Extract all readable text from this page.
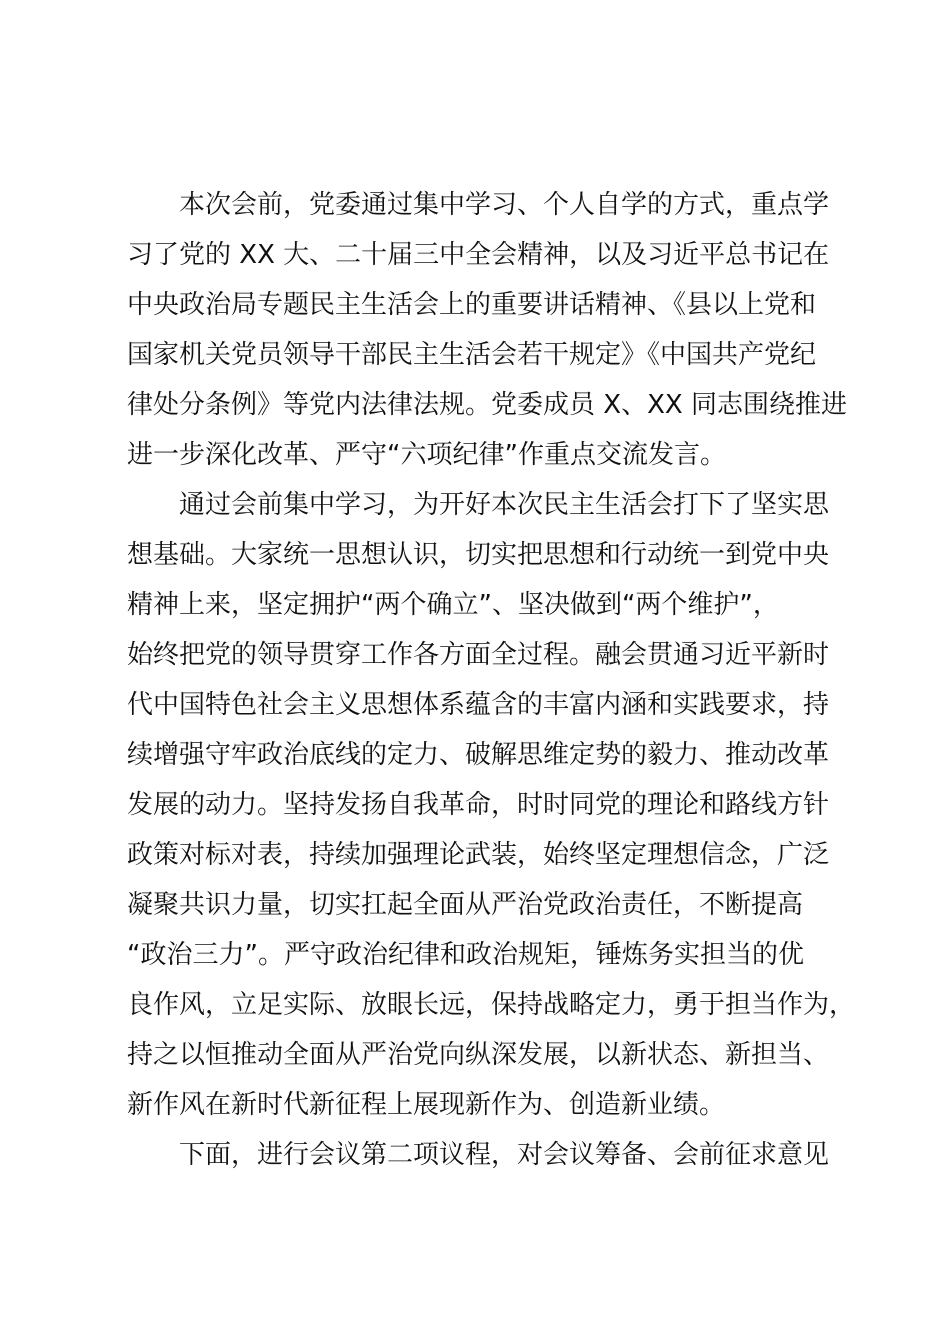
本次会前，党委通过集中学习、个人自学的方式，重点学
习了党的 XX 大、二十届三中全会精神，以及习近平总书记在
中央政治局专题民主生活会上的重要讲话精神、《县以上党和
国家机关党员领导干部民主生活会若干规定》《中国共产党纪
律处分条例》等党内法律法规。党委成员 X、XX 同志围绕推进
进一步深化改革、严守“六项纪律”作重点交流发言。
通过会前集中学习，为开好本次民主生活会打下了坚实思
想基础。大家统一思想认识，切实把思想和行动统一到党中央
精神上来，坚定拥护“两个确立”、坚决做到“两个维护”，
始终把党的领导贯穿工作各方面全过程。融会贯通习近平新时
代中国特色社会主义思想体系蕴含的丰富内涵和实践要求，持
续增强守牢政治底线的定力、破解思维定势的毅力、推动改革
发展的动力。坚持发扬自我革命，时时同党的理论和路线方针
政策对标对表，持续加强理论武装，始终坚定理想信念，广泛
凝聚共识力量，切实扛起全面从严治党政治责任，不断提高
“政治三力”。严守政治纪律和政治规矩，锤炼务实担当的优
良作风，立足实际、放眼长远，保持战略定力，勇于担当作为，
持之以恒推动全面从严治党向纵深发展，以新状态、新担当、
新作风在新时代新征程上展现新作为、创造新业绩。
下面，进行会议第二项议程，对会议筹备、会前征求意见
